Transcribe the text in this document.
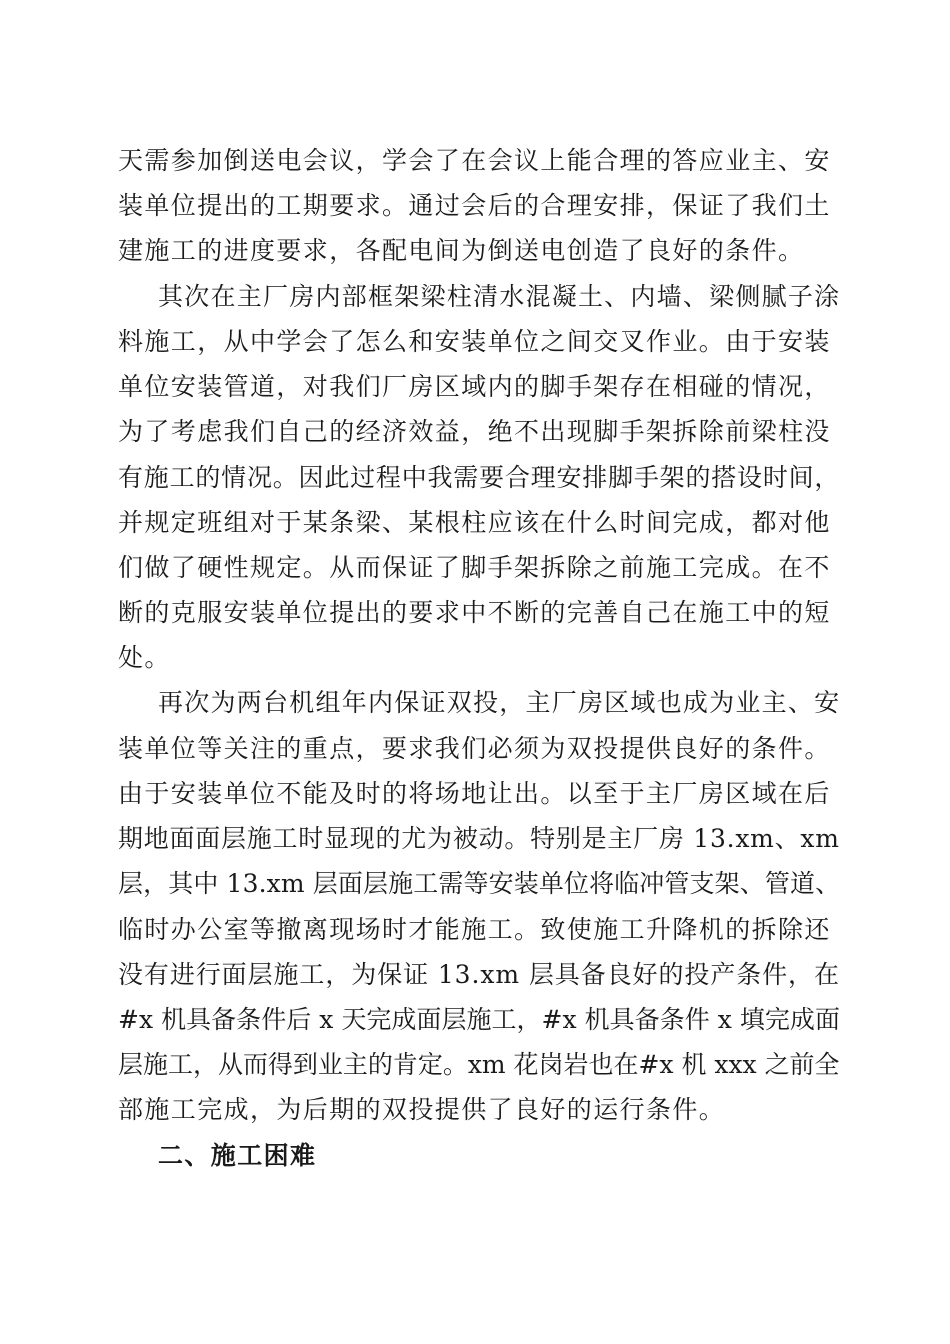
天需参加倒送电会议，学会了在会议上能合理的答应业主、安
装单位提出的工期要求。通过会后的合理安排，保证了我们土
建施工的进度要求，各配电间为倒送电创造了良好的条件。
其次在主厂房内部框架梁柱清水混凝土、内墙、梁侧腻子涂
料施工，从中学会了怎么和安装单位之间交叉作业。由于安装
单位安装管道，对我们厂房区域内的脚手架存在相碰的情况，
为了考虑我们自己的经济效益，绝不出现脚手架拆除前梁柱没
有施工的情况。因此过程中我需要合理安排脚手架的搭设时间，
并规定班组对于某条梁、某根柱应该在什么时间完成，都对他
们做了硬性规定。从而保证了脚手架拆除之前施工完成。在不
断的克服安装单位提出的要求中不断的完善自己在施工中的短
处。
再次为两台机组年内保证双投，主厂房区域也成为业主、安
装单位等关注的重点，要求我们必须为双投提供良好的条件。
由于安装单位不能及时的将场地让出。以至于主厂房区域在后
期地面面层施工时显现的尤为被动。特别是主厂房 13.xm、xm
层，其中 13.xm 层面层施工需等安装单位将临冲管支架、管道、
临时办公室等撤离现场时才能施工。致使施工升降机的拆除还
没有进行面层施工，为保证 13.xm 层具备良好的投产条件，在
#x 机具备条件后 x 天完成面层施工，#x 机具备条件 x 填完成面
层施工，从而得到业主的肯定。xm 花岗岩也在#x 机 xxx 之前全
部施工完成，为后期的双投提供了良好的运行条件。
二、施工困难
